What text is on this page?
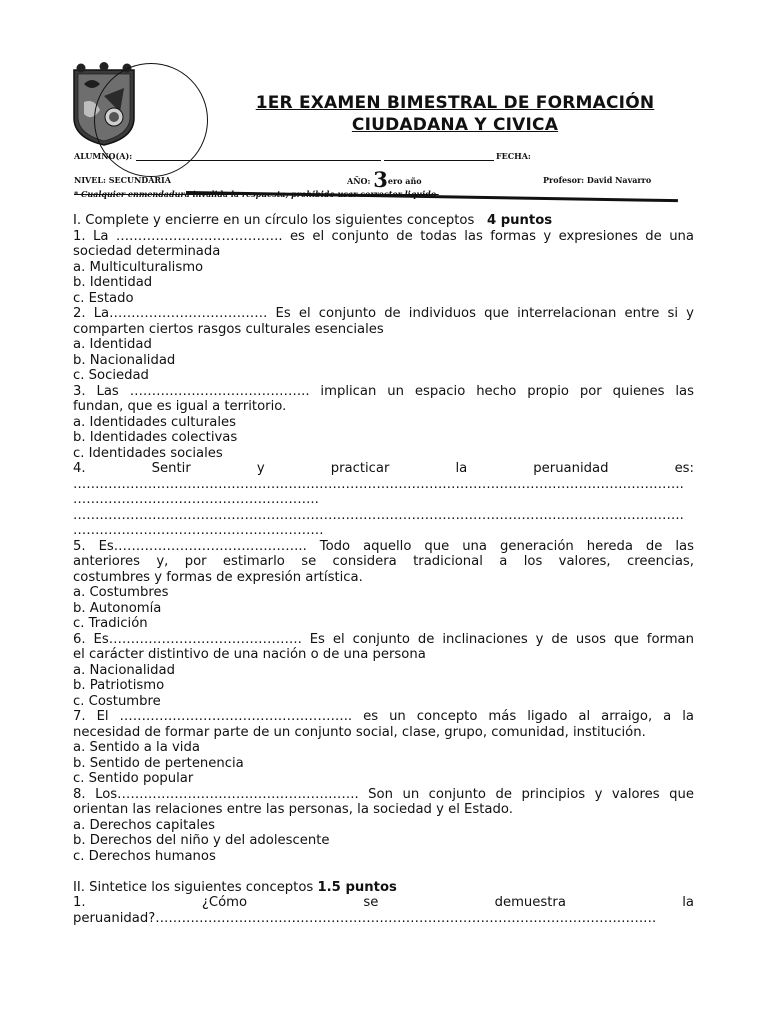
1ER EXAMEN BIMESTRAL DE FORMACIÓN
CIUDADANA Y CIVICA
ALUMNO(A):	FECHA:
NIVEL: SECUNDARIA	AÑO: 3ero año	Profesor: David Navarro
* Cualquier enmendadura invalida la respuesta, prohibido usar corrector liquido.

I. Complete y encierre en un círculo los siguientes conceptos 4 puntos

1. La ……………………………….. es el conjunto de todas las formas y expresiones de una

sociedad determinada

a. Multiculturalismo

b. Identidad

c. Estado

2. La……………………………… Es el conjunto de individuos que interrelacionan entre si y

comparten ciertos rasgos culturales esenciales

a. Identidad

b. Nacionalidad

c. Sociedad

3. Las ………………………………….. implican un espacio hecho propio por quienes las

fundan, que es igual a territorio.

a. Identidades culturales

b. Identidades colectivas

c. Identidades sociales

4.	Sentir	y	practicar	la	peruanidad	es:

………………………………………………………………………………………………………………………….

………………………………………………..

………………………………………………………………………………………………………………………….

…………………………………………………

5. Es…………………………………….. Todo aquello que una generación hereda de las

anteriores y, por estimarlo se considera tradicional a los valores, creencias,

costumbres y formas de expresión artística.

a. Costumbres

b. Autonomía

c. Tradición

6. Es…………………………………….. Es el conjunto de inclinaciones y de usos que forman

el carácter distintivo de una nación o de una persona

a. Nacionalidad

b. Patriotismo

c. Costumbre

7. El …………………………………………….. es un concepto más ligado al arraigo, a la

necesidad de formar parte de un conjunto social, clase, grupo, comunidad, institución.

a. Sentido a la vida

b. Sentido de pertenencia

c. Sentido popular

8. Los………………………………………………. Son un conjunto de principios y valores que

orientan las relaciones entre las personas, la sociedad y el Estado.

a. Derechos capitales

b. Derechos del niño y del adolescente

c. Derechos humanos

II. Sintetice los siguientes conceptos 1.5 puntos

1.	¿Cómo	se	demuestra	la

peruanidad?……………………………………………………………………………………………………
